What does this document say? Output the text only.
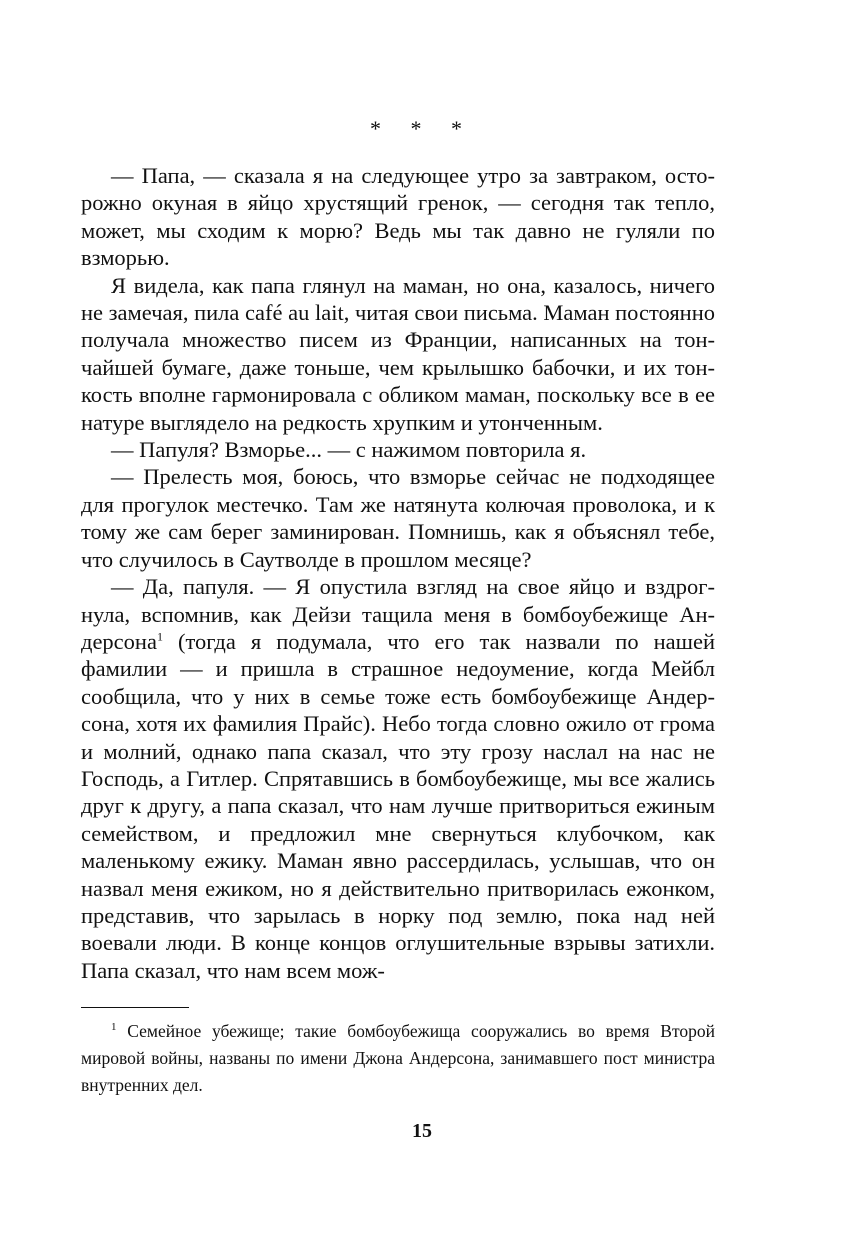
* * *

— Папа, — сказала я на следующее утро за завтраком, осторожно окуная в яйцо хрустящий гренок, — сегодня так тепло, может, мы сходим к морю? Ведь мы так давно не гуляли по взморью.

Я видела, как папа глянул на маман, но она, казалось, ничего не замечая, пила café au lait, читая свои письма. Маман постоянно получала множество писем из Франции, написанных на тончайшей бумаге, даже тоньше, чем крылышко бабочки, и их тонкость вполне гармонировала с обликом маман, поскольку все в ее натуре выглядело на редкость хрупким и утонченным.

— Папуля? Взморье... — с нажимом повторила я.

— Прелесть моя, боюсь, что взморье сейчас не подходящее для прогулок местечко. Там же натянута колючая проволока, и к тому же сам берег заминирован. Помнишь, как я объяснял тебе, что случилось в Саутволде в прошлом месяце?

— Да, папуля. — Я опустила взгляд на свое яйцо и вздрогнула, вспомнив, как Дейзи тащила меня в бомбоубежище Андерсона$^1$ (тогда я подумала, что его так назвали по нашей фамилии — и пришла в страшное недоумение, когда Мейбл сообщила, что у них в семье тоже есть бомбоубежище Андерсона, хотя их фамилия Прайс). Небо тогда словно ожило от грома и молний, однако папа сказал, что эту грозу наслал на нас не Господь, а Гитлер. Спрятавшись в бомбоубежище, мы все жались друг к другу, а папа сказал, что нам лучше притвориться ежиным семейством, и предложил мне свернуться клубочком, как маленькому ежику. Маман явно рассердилась, услышав, что он назвал меня ежиком, но я действительно притворилась ежонком, представив, что зарылась в норку под землю, пока над ней воевали люди. В конце концов оглушительные взрывы затихли. Папа сказал, что нам всем мож-

$^1$ Семейное убежище; такие бомбоубежища сооружались во время Второй мировой войны, названы по имени Джона Андерсона, занимавшего пост министра внутренних дел.

15
